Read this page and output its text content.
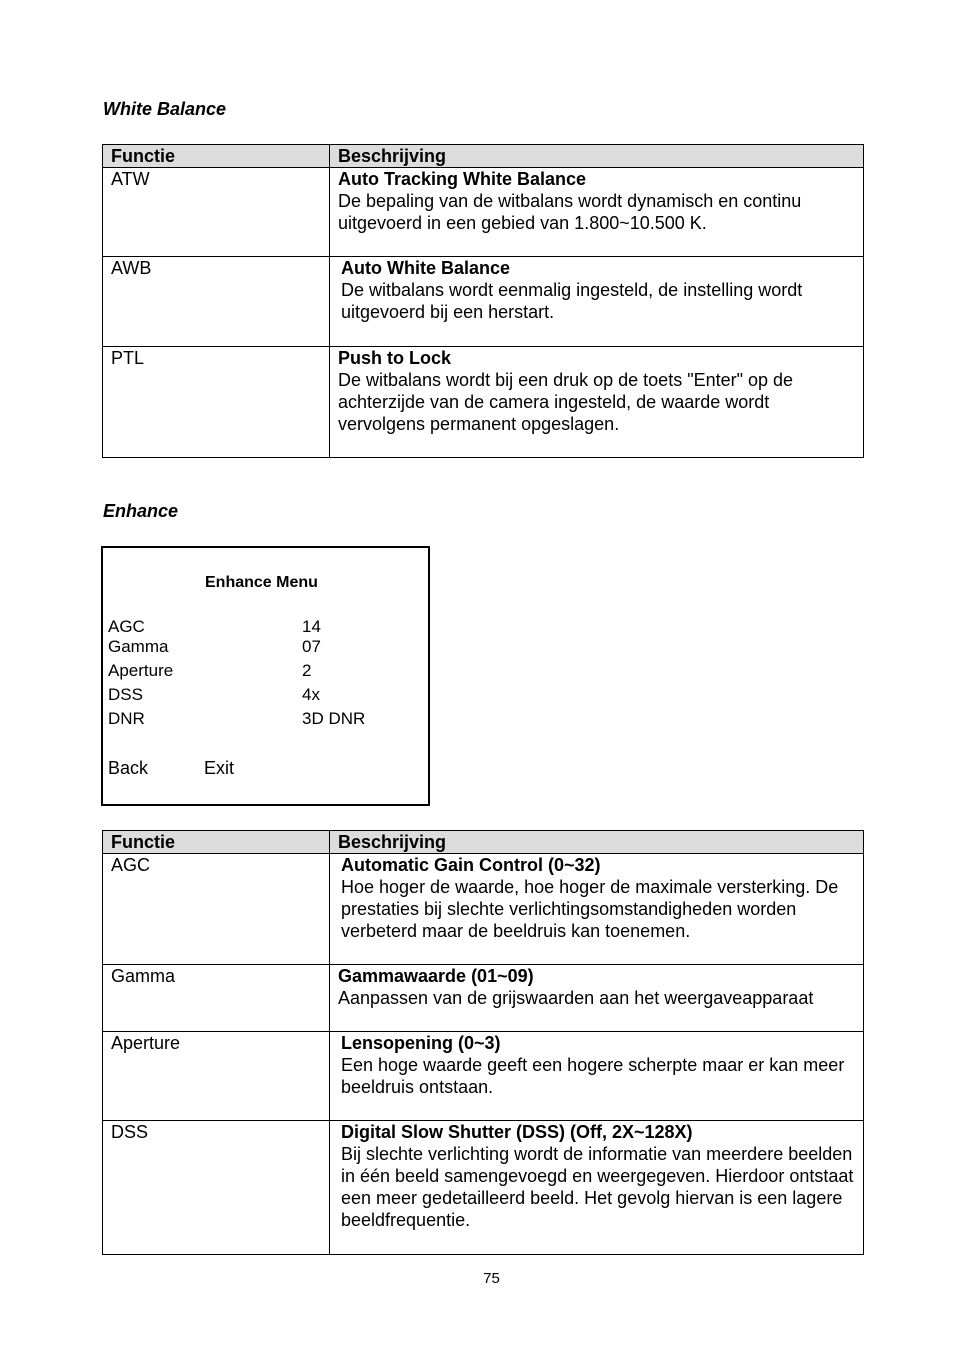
White Balance
Functie	Beschrijving
ATW	Auto Tracking White Balance
De bepaling van de witbalans wordt dynamisch en continu uitgevoerd in een gebied van 1.800~10.500 K.

AWB	Auto White Balance
De witbalans wordt eenmalig ingesteld, de instelling wordt uitgevoerd bij een herstart.

PTL	Push to Lock
De witbalans wordt bij een druk op de toets "Enter" op de achterzijde van de camera ingesteld, de waarde wordt vervolgens permanent opgeslagen.
Enhance
Enhance Menu
AGC	14
Gamma	07
Aperture	2
DSS	4x
DNR	3D DNR
Back	Exit
Functie	Beschrijving
AGC	Automatic Gain Control (0~32)
Hoe hoger de waarde, hoe hoger de maximale versterking. De prestaties bij slechte verlichtingsomstandigheden worden verbeterd maar de beeldruis kan toenemen.

Gamma	Gammawaarde (01~09)
Aanpassen van de grijswaarden aan het weergaveapparaat

Aperture	Lensopening (0~3)
Een hoge waarde geeft een hogere scherpte maar er kan meer beeldruis ontstaan.

DSS	Digital Slow Shutter (DSS) (Off, 2X~128X)
Bij slechte verlichting wordt de informatie van meerdere beelden in één beeld samengevoegd en weergegeven. Hierdoor ontstaat een meer gedetailleerd beeld. Het gevolg hiervan is een lagere beeldfrequentie.
75
